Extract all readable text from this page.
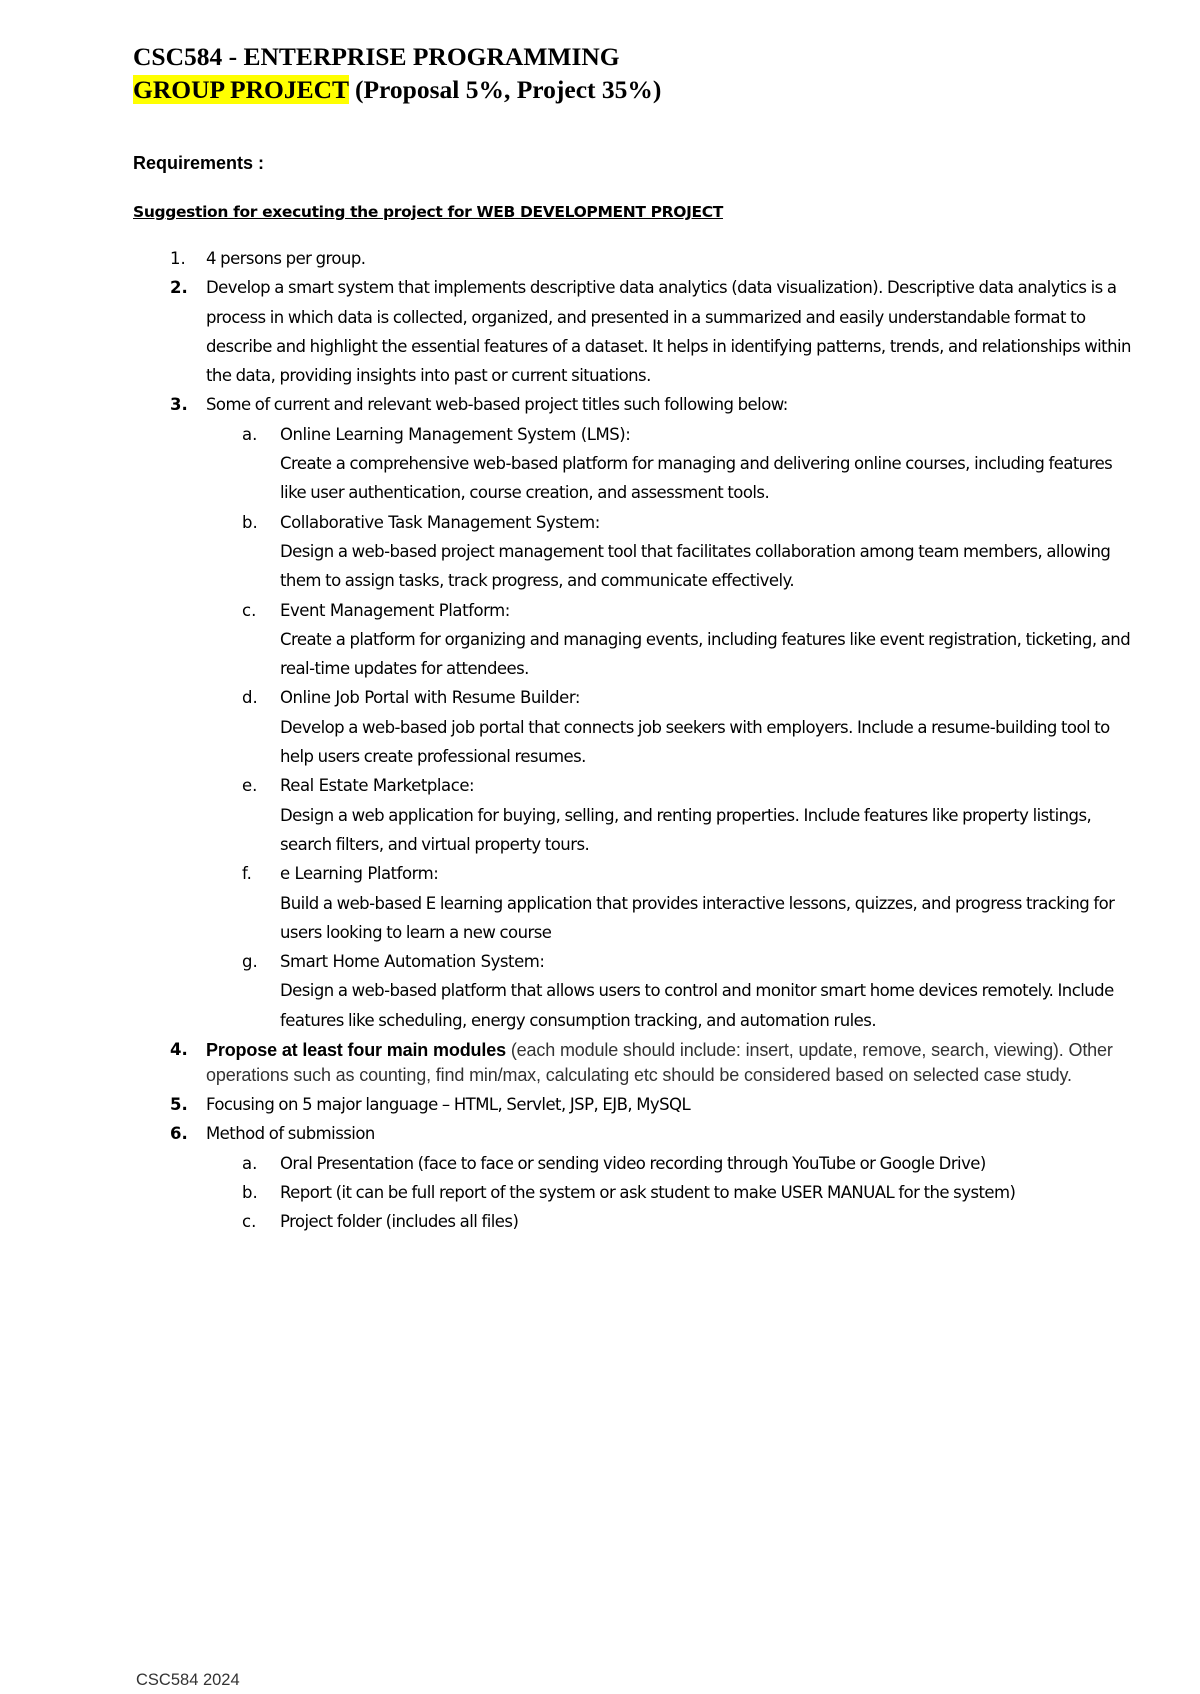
CSC584 - ENTERPRISE PROGRAMMING
GROUP PROJECT (Proposal 5%, Project 35%)

Requirements :

Suggestion for executing the project for WEB DEVELOPMENT PROJECT

1.	4 persons per group.
2.	Develop a smart system that implements descriptive data analytics (data visualization). Descriptive data analytics is a process in which data is collected, organized, and presented in a summarized and easily understandable format to describe and highlight the essential features of a dataset. It helps in identifying patterns, trends, and relationships within the data, providing insights into past or current situations.
3.	Some of current and relevant web-based project titles such following below:
a.	Online Learning Management System (LMS):
Create a comprehensive web-based platform for managing and delivering online courses, including features like user authentication, course creation, and assessment tools.
b.	Collaborative Task Management System:
Design a web-based project management tool that facilitates collaboration among team members, allowing them to assign tasks, track progress, and communicate effectively.
c.	Event Management Platform:
Create a platform for organizing and managing events, including features like event registration, ticketing, and real-time updates for attendees.
d.	Online Job Portal with Resume Builder:
Develop a web-based job portal that connects job seekers with employers. Include a resume-building tool to help users create professional resumes.
e.	Real Estate Marketplace:
Design a web application for buying, selling, and renting properties. Include features like property listings, search filters, and virtual property tours.
f.	e Learning Platform:
Build a web-based E learning application that provides interactive lessons, quizzes, and progress tracking for users looking to learn a new course
g.	Smart Home Automation System:
Design a web-based platform that allows users to control and monitor smart home devices remotely. Include features like scheduling, energy consumption tracking, and automation rules.
4.	Propose at least four main modules (each module should include: insert, update, remove, search, viewing). Other operations such as counting, find min/max, calculating etc should be considered based on selected case study.
5.	Focusing on 5 major language – HTML, Servlet, JSP, EJB, MySQL
6.	Method of submission
a.	Oral Presentation (face to face or sending video recording through YouTube or Google Drive)
b.	Report (it can be full report of the system or ask student to make USER MANUAL for the system)
c.	Project folder (includes all files)

CSC584 2024
